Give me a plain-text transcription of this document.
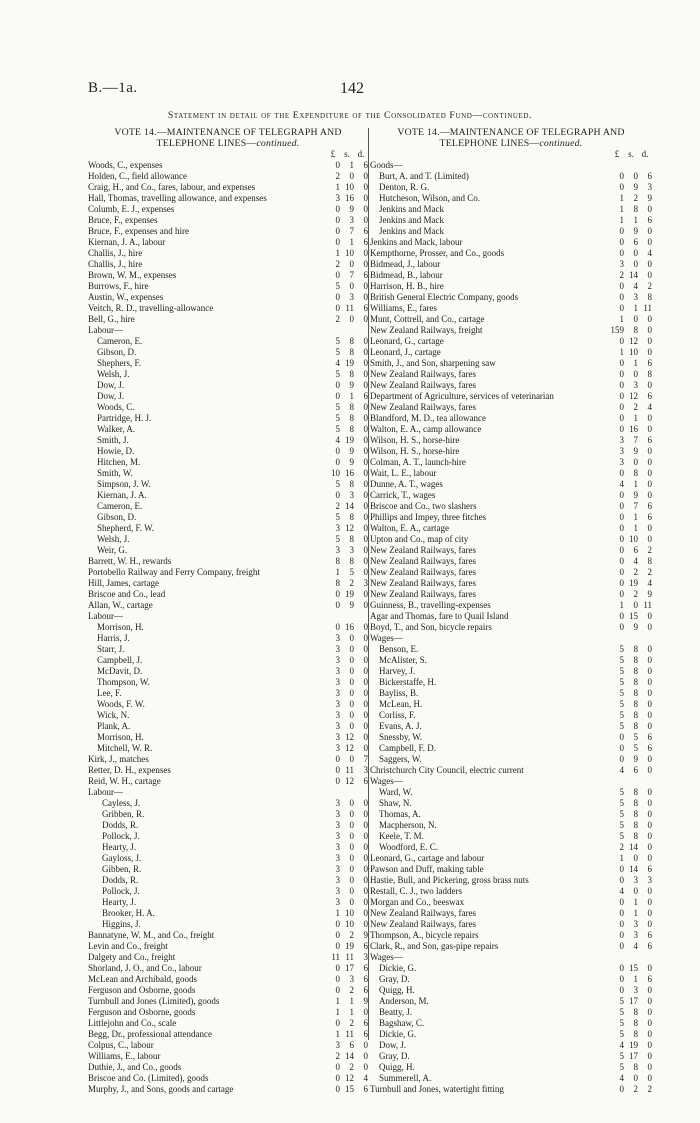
B.—1a.	142
Statement in detail of the Expenditure of the Consolidated Fund—continued.
VOTE 14.—MAINTENANCE OF TELEGRAPH AND
TELEPHONE LINES—continued.
£ s. d.
Woods, C., expenses	0	1	6
Holden, C., field allowance	2	0	0
Craig, H., and Co., fares, labour, and expenses	1 10	0
Hall, Thomas, travelling allowance, and expenses	3 16	0
Columb, E. J., expenses	0	9	0
Bruce, F., expenses	0	3	0
Bruce, F., expenses and hire	0	7	6
Kiernan, J. A., labour	0	1	6
Challis, J., hire	1 10	0
Challis, J., hire	2	0	0
Brown, W. M., expenses	0	7	6
Burrows, F., hire	5	0	0
Austin, W., expenses	0	3	0
Veitch, R. D., travelling-allowance	0 11	6
Bell, G., hire	2	0	0
Labour—
Cameron, E.	5	8	0
Gibson, D.	5	8	0
Shephers, F.	4 19	0
Welsh, J.	5	8	0
Dow, J.	0	9	0
Dow, J.	0	1	6
Woods, C.	5	8	0
Partridge, H. J.	5	8	0
Walker, A.	5	8	0
Smith, J.	4 19	0
Howie, D.	0	9	0
Hitchen, M.	0	9	0
Smith, W.	10 16	0
Simpson, J. W.	5	8	0
Kiernan, J. A.	0	3	0
Cameron, E.	2 14	0
Gibson, D.	5	8	0
Shepherd, F. W.	3 12	0
Welsh, J.	5	8	0
Weir, G.	3	3	0
Barrett, W. H., rewards	8	8	0
Portobello Railway and Ferry Company, freight	1	5	0
Hill, James, cartage	8	2	3
Briscoe and Co., lead	0 19	0
Allan, W., cartage	0	9	0
Labour—
Morrison, H.	0 16	0
Harris, J.	3	0	0
Starr, J.	3	0	0
Campbell, J.	3	0	0
McDavit, D.	3	0	0
Thompson, W.	3	0	0
Lee, F.	3	0	0
Woods, F. W.	3	0	0
Wick, N.	3	0	0
Plank, A.	3	0	0
Morrison, H.	3 12	0
Mitchell, W. R.	3 12	0
Kirk, J., matches	0	0	7
Retter, D. H., expenses	0 11	3
Reid, W. H., cartage	0 12	6
Labour—
Cayless, J.	3	0	0
Gribben, R.	3	0	0
Dodds, R.	3	0	0
Pollock, J.	3	0	0
Hearty, J.	3	0	0
Gayloss, J.	3	0	0
Gibben, R.	3	0	0
Dodds, R.	3	0	0
Pollock, J.	3	0	0
Hearty, J.	3	0	0
Brooker, H. A.	1 10	0
Higgins, J.	0 10	0
Bannatyne, W. M., and Co., freight	0	2	9
Levin and Co., freight	0 19	6
Dalgety and Co., freight	11 11	3
Shorland, J. O., and Co., labour	0 17	6
McLean and Archibald, goods	0	3	6
Ferguson and Osborne, goods	0	2	6
Turnbull and Jones (Limited), goods	1	1	9
Ferguson and Osborne, goods	1	1	0
Littlejohn and Co., scale	0	2	6
Begg, Dr., professional attendance	1 11	6
Colpus, C., labour	3	6	0
Williams, E., labour	2 14	0
Duthie, J., and Co., goods	0	2	0
Briscoe and Co. (Limited), goods	0 12	4
Murphy, J., and Sons, goods and cartage	0 15	6
VOTE 14.—MAINTENANCE OF TELEGRAPH AND
TELEPHONE LINES—continued.
£ s. d.
Goods—
Burt, A. and T. (Limited)	0	0	6
Denton, R. G.	0	9	3
Hutcheson, Wilson, and Co.	1	2	9
Jenkins and Mack	1	8	0
Jenkins and Mack	1	1	6
Jenkins and Mack	0	9	0
Jenkins and Mack, labour	0	6	0
Kempthorne, Prosser, and Co., goods	0	0	4
Bidmead, J., labour	3	0	0
Bidmead, B., labour	2 14	0
Harrison, H. B., hire	0	4	2
British General Electric Company, goods	0	3	8
Williams, E., fares	0	1 11
Munt, Cottrell, and Co., cartage	1	0	0
New Zealand Railways, freight	159	8	0
Leonard, G., cartage	0 12	0
Leonard, J., cartage	1 10	0
Smith, J., and Son, sharpening saw	0	1	6
New Zealand Railways, fares	0	0	8
New Zealand Railways, fares	0	3	0
Department of Agriculture, services of veterinarian	0 12	6
New Zealand Railways, fares	0	2	4
Blandford, M. D., tea allowance	0	1	0
Walton, E. A., camp allowance	0 16	0
Wilson, H. S., horse-hire	3	7	6
Wilson, H. S., horse-hire	3	9	0
Colman, A. T., launch-hire	3	0	0
Wait, L. E., labour	0	8	0
Dunne, A. T., wages	4	1	0
Carrick, T., wages	0	9	0
Briscoe and Co., two slashers	0	7	6
Phillips and Impey, three fitches	0	1	6
Walton, E. A., cartage	0	1	0
Upton and Co., map of city	0 10	0
New Zealand Railways, fares	0	6	2
New Zealand Railways, fares	0	4	8
New Zealand Railways, fares	0	2	2
New Zealand Railways, fares	0 19	4
New Zealand Railways, fares	0	2	9
Guinness, B., travelling-expenses	1	0 11
Agar and Thomas, fare to Quail Island	0 15	0
Boyd, T., and Son, bicycle repairs	0	9	0
Wages—
Benson, E.	5	8	0
McAlister, S.	5	8	0
Harvey, J.	5	8	0
Bickerstaffe, H.	5	8	0
Bayliss, B.	5	8	0
McLean, H.	5	8	0
Corliss, F.	5	8	0
Evans, A. J.	5	8	0
Snessby, W.	0	5	6
Campbell, F. D.	0	5	6
Saggers, W.	0	9	0
Christchurch City Council, electric current	4	6	0
Wages—
Ward, W.	5	8	0
Shaw, N.	5	8	0
Thomas, A.	5	8	0
Macpherson, N.	5	8	0
Keele, T. M.	5	8	0
Woodford, E. C.	2 14	0
Leonard, G., cartage and labour	1	0	0
Pawson and Duff, making table	0 14	6
Hastie, Bull, and Pickering, gross brass nuts	0	3	3
Restall, C. J., two ladders	4	0	0
Morgan and Co., beeswax	0	1	0
New Zealand Railways, fares	0	1	0
New Zealand Railways, fares	0	3	0
Thompson, A., bicycle repairs	0	3	6
Clark, R., and Son, gas-pipe repairs	0	4	6
Wages—
Dickie, G.	0 15	0
Gray, D.	0	1	6
Quigg, H.	0	3	0
Anderson, M.	5 17	0
Beatty, J.	5	8	0
Bagshaw, C.	5	8	0
Dickie, G.	5	8	0
Dow, J.	4 19	0
Gray, D.	5 17	0
Quigg, H.	5	8	0
Summerell, A.	4	0	0
Turnbull and Jones, watertight fitting	0	2	2
